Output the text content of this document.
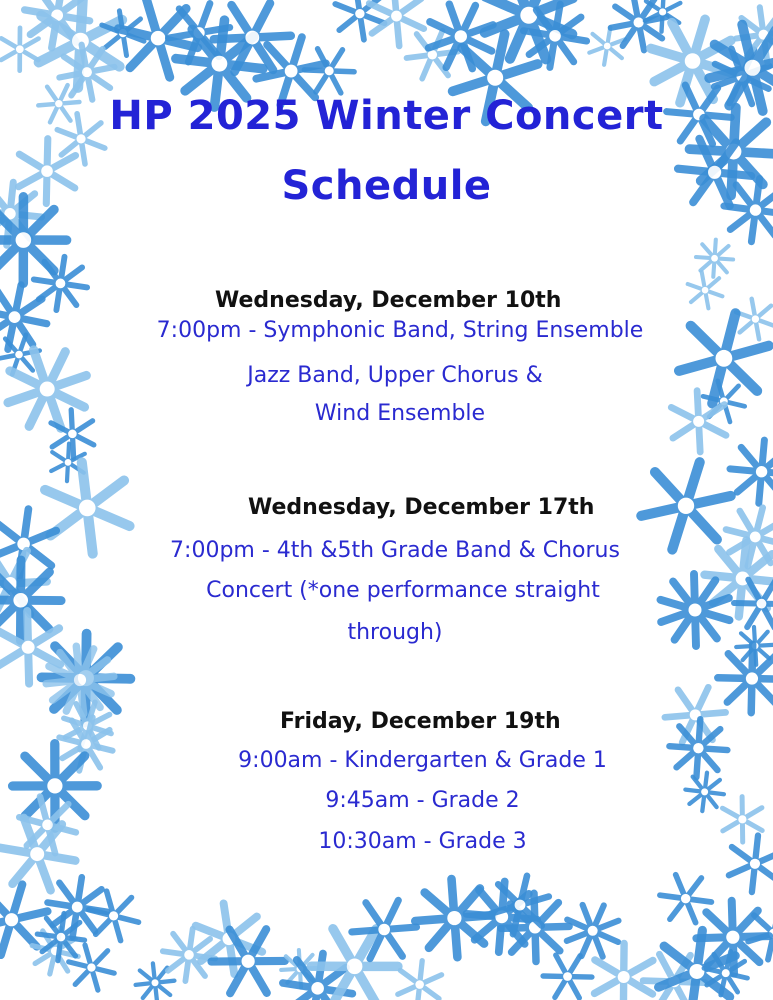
HP 2025 Winter Concert
Schedule
Wednesday, December 10th
7:00pm - Symphonic Band, String Ensemble
Jazz Band, Upper Chorus &
Wind Ensemble
Wednesday, December 17th
7:00pm - 4th &5th Grade Band & Chorus
Concert (*one performance straight
through)
Friday, December 19th
9:00am - Kindergarten & Grade 1
9:45am - Grade 2
10:30am - Grade 3
